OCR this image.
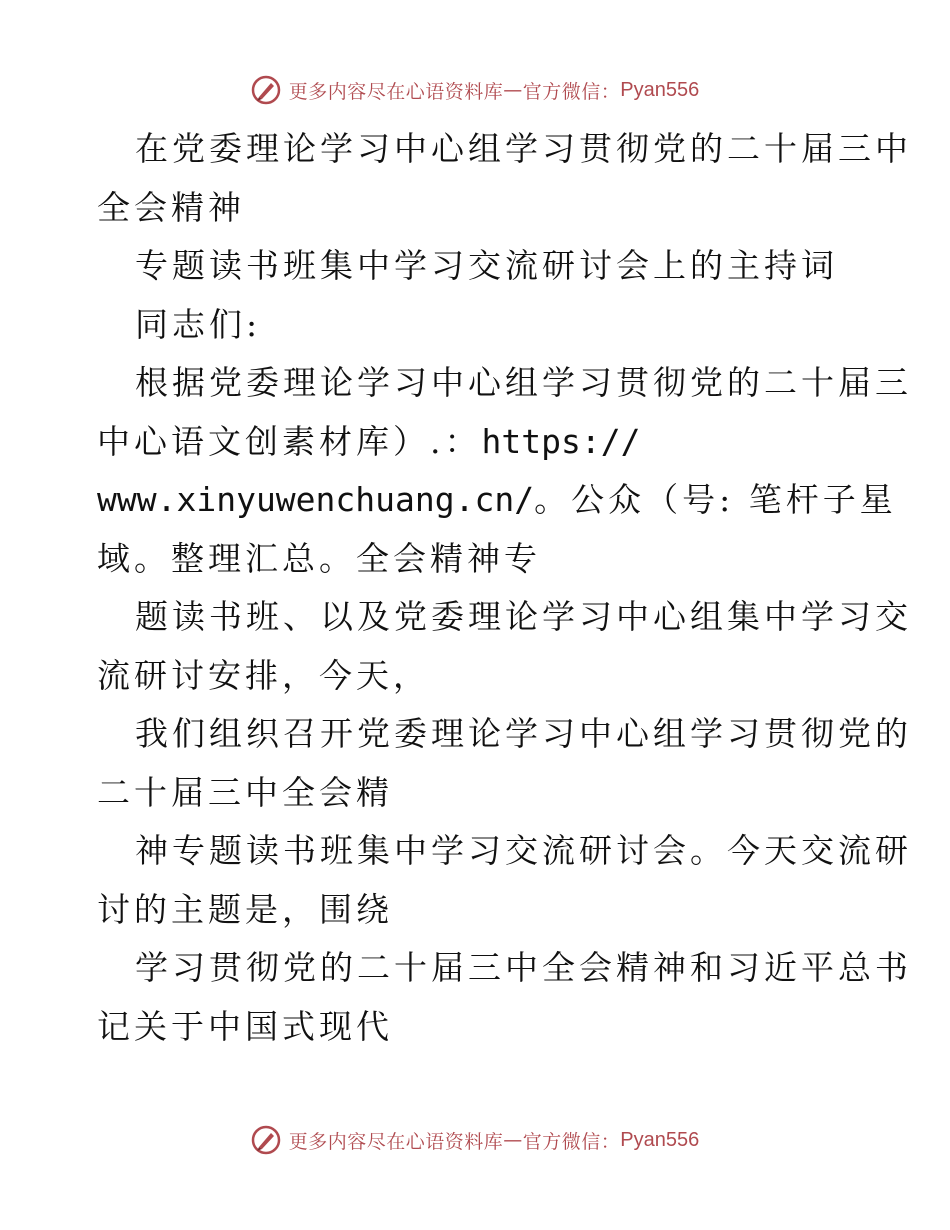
更多内容尽在心语资料库 — 官方微信： Pyan556
在党委理论学习中心组学习贯彻党的二十届三中
全会精神
专题读书班集中学习交流研讨会上的主持词
同志们:
根据党委理论学习中心组学习贯彻党的二十届三
中心语文创素材库）.：https://
www.xinyuwenchuang.cn/。公众（号: 笔杆子星
域。整理汇总。全会精神专
题读书班、以及党委理论学习中心组集中学习交
流研讨安排，今天，
我们组织召开党委理论学习中心组学习贯彻党的
二十届三中全会精
神专题读书班集中学习交流研讨会。今天交流研
讨的主题是，围绕
学习贯彻党的二十届三中全会精神和习近平总书
记关于中国式现代
更多内容尽在心语资料库 — 官方微信： Pyan556
